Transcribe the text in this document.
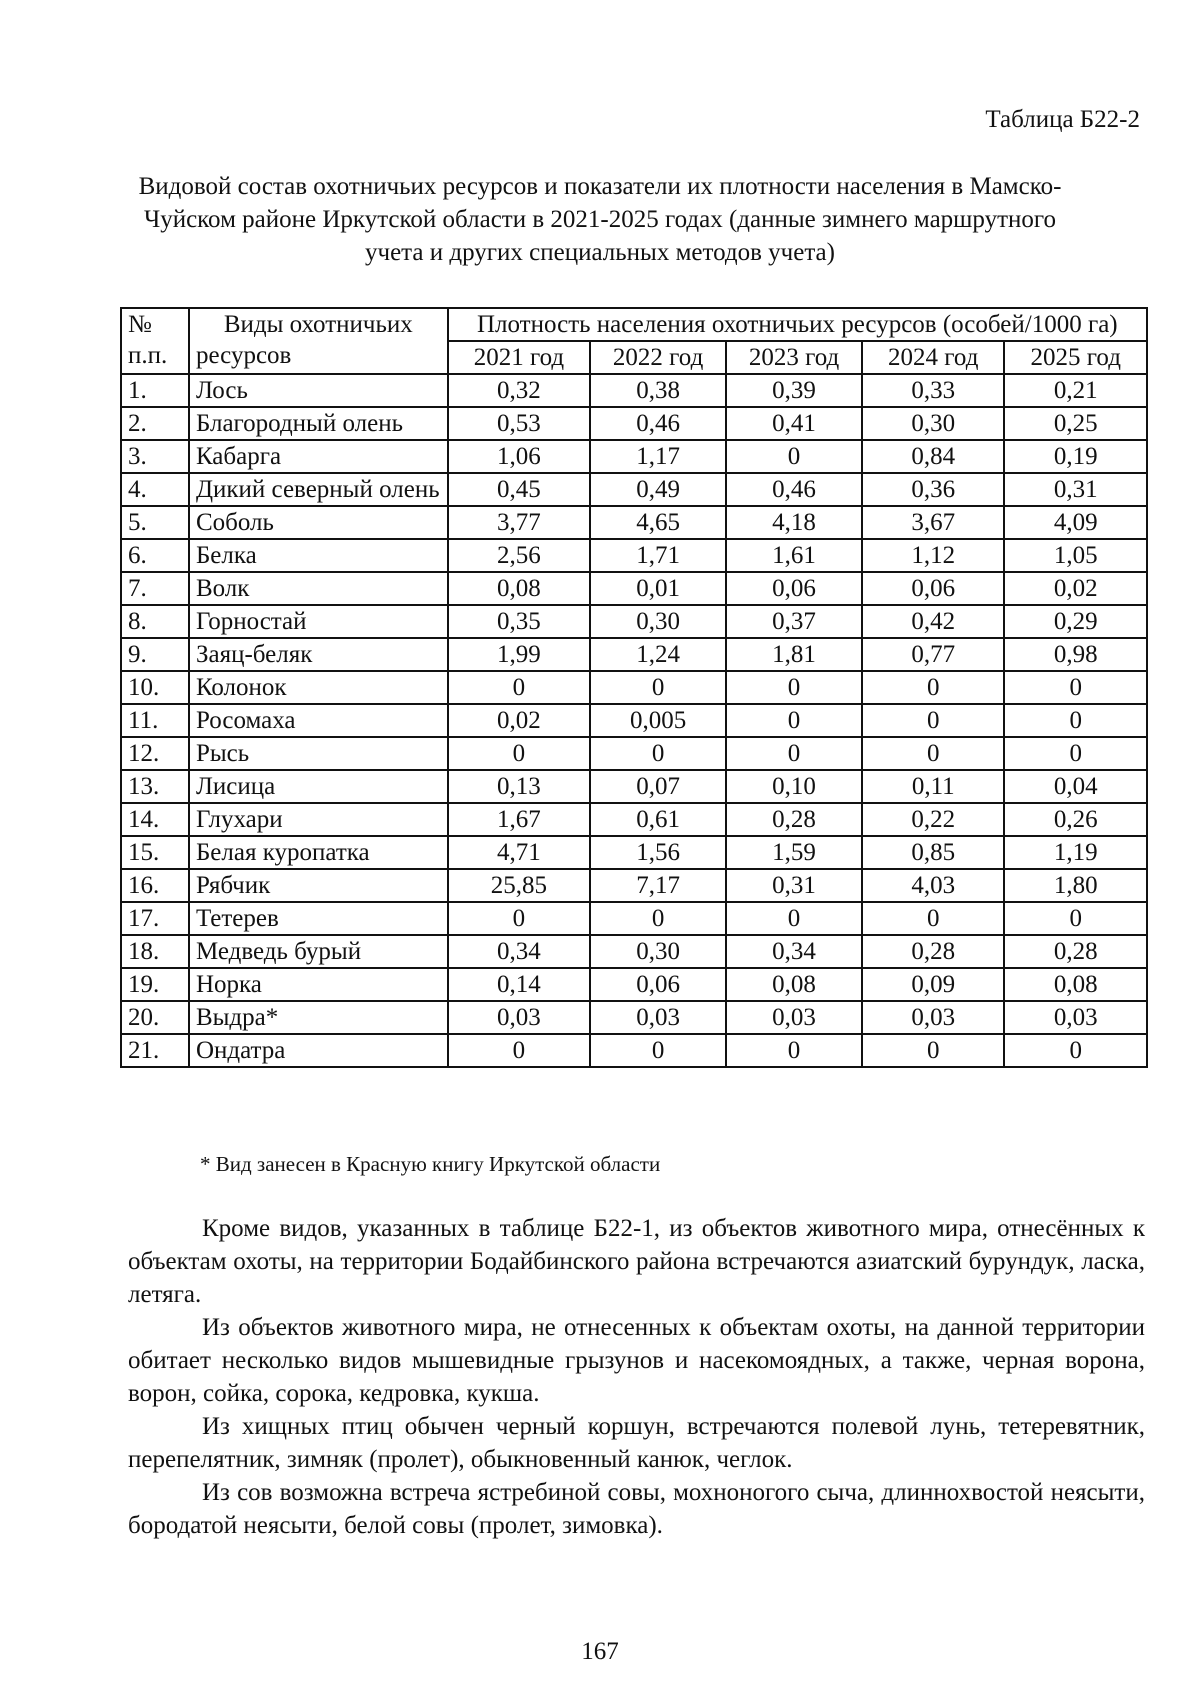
Таблица Б22-2
Видовой состав охотничьих ресурсов и показатели их плотности населения в Мамско-Чуйском районе Иркутской области в 2021-2025 годах (данные зимнего маршрутного учета и других специальных методов учета)
№ п.п.	Виды охотничьих ресурсов	Плотность населения охотничьих ресурсов (особей/1000 га)				
		2021 год	2022 год	2023 год	2024 год	2025 год
1.	Лось	0,32	0,38	0,39	0,33	0,21
2.	Благородный олень	0,53	0,46	0,41	0,30	0,25
3.	Кабарга	1,06	1,17	0	0,84	0,19
4.	Дикий северный олень	0,45	0,49	0,46	0,36	0,31
5.	Соболь	3,77	4,65	4,18	3,67	4,09
6.	Белка	2,56	1,71	1,61	1,12	1,05
7.	Волк	0,08	0,01	0,06	0,06	0,02
8.	Горностай	0,35	0,30	0,37	0,42	0,29
9.	Заяц-беляк	1,99	1,24	1,81	0,77	0,98
10.	Колонок	0	0	0	0	0
11.	Росомаха	0,02	0,005	0	0	0
12.	Рысь	0	0	0	0	0
13.	Лисица	0,13	0,07	0,10	0,11	0,04
14.	Глухари	1,67	0,61	0,28	0,22	0,26
15.	Белая куропатка	4,71	1,56	1,59	0,85	1,19
16.	Рябчик	25,85	7,17	0,31	4,03	1,80
17.	Тетерев	0	0	0	0	0
18.	Медведь бурый	0,34	0,30	0,34	0,28	0,28
19.	Норка	0,14	0,06	0,08	0,09	0,08
20.	Выдра*	0,03	0,03	0,03	0,03	0,03
21.	Ондатра	0	0	0	0	0
* Вид занесен в Красную книгу Иркутской области

Кроме видов, указанных в таблице Б22-1, из объектов животного мира, отнесённых к объектам охоты, на территории Бодайбинского района встречаются азиатский бурундук, ласка, летяга.

Из объектов животного мира, не отнесенных к объектам охоты, на данной территории обитает несколько видов мышевидные грызунов и насекомоядных, а также, черная ворона, ворон, сойка, сорока, кедровка, кукша.

Из хищных птиц обычен черный коршун, встречаются полевой лунь, тетеревятник, перепелятник, зимняк (пролет), обыкновенный канюк, чеглок.

Из сов возможна встреча ястребиной совы, мохноногого сыча, длиннохвостой неясыти, бородатой неясыти, белой совы (пролет, зимовка).

167
